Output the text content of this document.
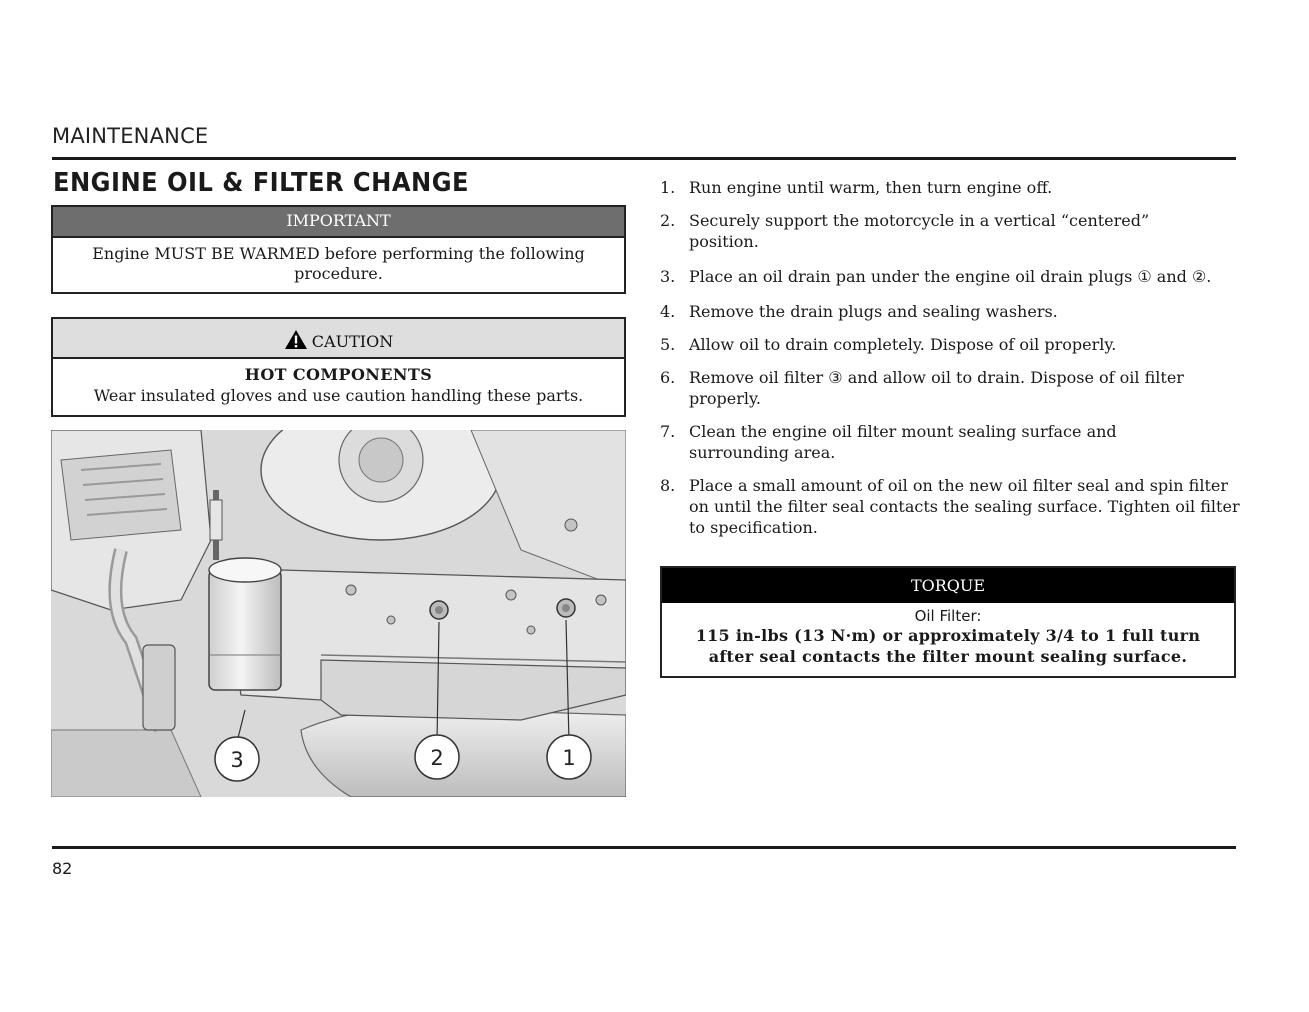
MAINTENANCE
ENGINE OIL & FILTER CHANGE
IMPORTANT
Engine MUST BE WARMED before performing the following procedure.
CAUTION
HOT COMPONENTS
Wear insulated gloves and use caution handling these parts.
3	2	1
1. Run engine until warm, then turn engine off.
2. Securely support the motorcycle in a vertical “centered” position.
3. Place an oil drain pan under the engine oil drain plugs ① and ②.
4. Remove the drain plugs and sealing washers.
5. Allow oil to drain completely. Dispose of oil properly.
6. Remove oil filter ③ and allow oil to drain. Dispose of oil filter properly.
7. Clean the engine oil filter mount sealing surface and surrounding area.
8. Place a small amount of oil on the new oil filter seal and spin filter on until the filter seal contacts the sealing surface. Tighten oil filter to specification.
TORQUE
Oil Filter:
115 in-lbs (13 N·m) or approximately 3/4 to 1 full turn after seal contacts the filter mount sealing surface.
82
